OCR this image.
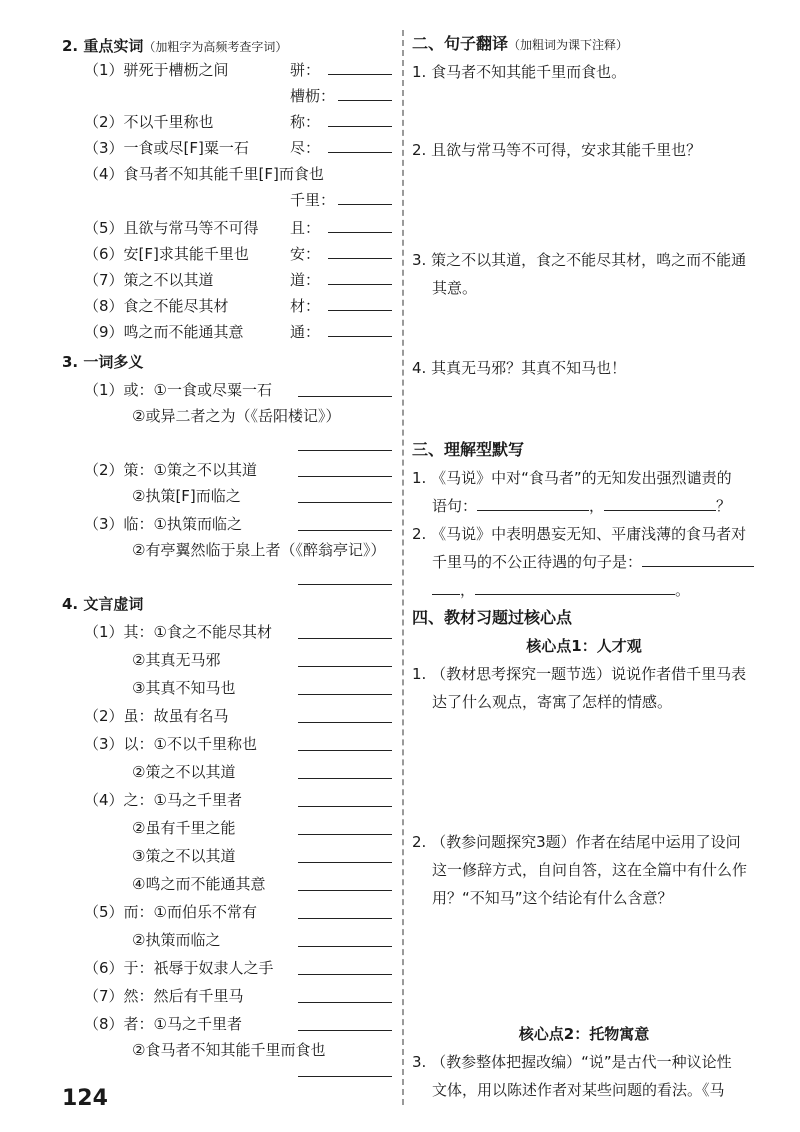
2. 重点实词（加粗字为高频考查字词）
（1）骈死于槽枥之间	骈：
槽枥：
（2）不以千里称也	称：
（3）一食或尽[F]粟一石	尽：
（4）食马者不知其能千里[F]而食也
千里：
（5）且欲与常马等不可得 且：
（6）安[F]求其能千里也	安：
（7）策之不以其道	道：
（8）食之不能尽其材	材：
（9）鸣之而不能通其意	通：
3. 一词多义
（1）或：①一食或尽粟一石
②或异二者之为（《岳阳楼记》）
（2）策：①策之不以其道
②执策[F]而临之
（3）临：①执策而临之
②有亭翼然临于泉上者（《醉翁亭记》）
4. 文言虚词
（1）其：①食之不能尽其材
②其真无马邪
③其真不知马也
（2）虽：故虽有名马
（3）以：①不以千里称也
②策之不以其道
（4）之：①马之千里者
②虽有千里之能
③策之不以其道
④鸣之而不能通其意
（5）而：①而伯乐不常有
②执策而临之
（6）于：祇辱于奴隶人之手
（7）然：然后有千里马
（8）者：①马之千里者
②食马者不知其能千里而食也
124
二、句子翻译（加粗词为课下注释）
1. 食马者不知其能千里而食也。
2. 且欲与常马等不可得，安求其能千里也？
3. 策之不以其道，食之不能尽其材，鸣之而不能通
其意。
4. 其真无马邪？其真不知马也！
三、理解型默写
1. 《马说》中对“食马者”的无知发出强烈谴责的
语句：	，	？
2. 《马说》中表明愚妄无知、平庸浅薄的食马者对
千里马的不公正待遇的句子是：
，	。
四、教材习题过核心点
核心点1：人才观
1. （教材思考探究一题节选）说说作者借千里马表
达了什么观点，寄寓了怎样的情感。
2. （教参问题探究3题）作者在结尾中运用了设问
这一修辞方式，自问自答，这在全篇中有什么作
用？“不知马”这个结论有什么含意？
核心点2：托物寓意
3. （教参整体把握改编）“说”是古代一种议论性
文体，用以陈述作者对某些问题的看法。《马
